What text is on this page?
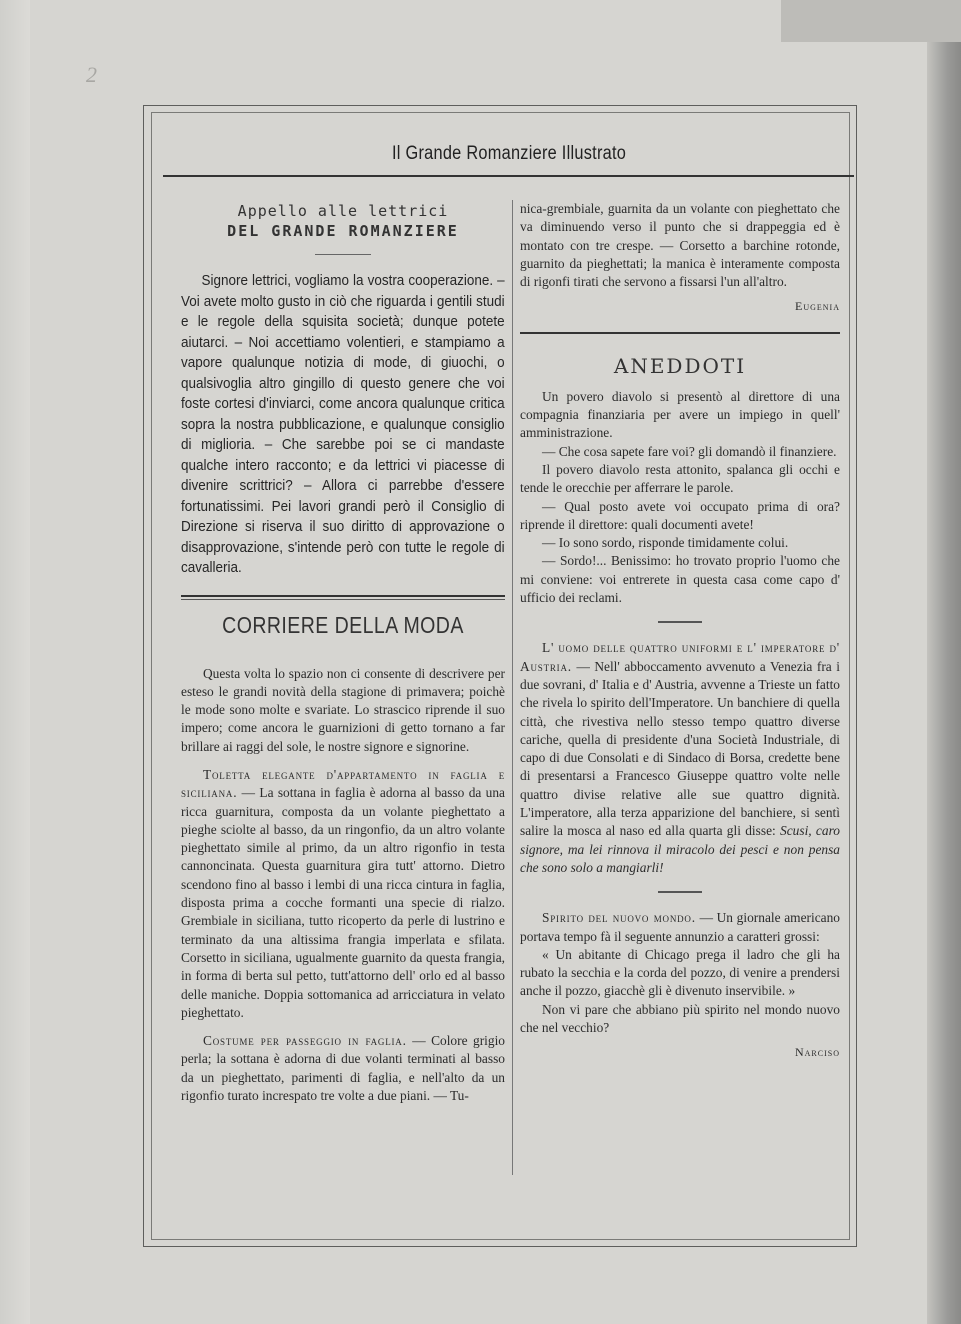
2
Il Grande Romanziere Illustrato
Appello alle lettrici
DEL GRANDE ROMANZIERE

Signore lettrici, vogliamo la vostra cooperazione. – Voi avete molto gusto in ciò che riguarda i gentili studi e le regole della squisita società; dunque potete aiutarci. – Noi accettiamo volentieri, e stampiamo a vapore qualunque notizia di mode, di giuochi, o qualsivoglia altro gingillo di questo genere che voi foste cortesi d'inviarci, come ancora qualunque critica sopra la nostra pubblicazione, e qualunque consiglio di miglioria. – Che sarebbe poi se ci mandaste qualche intero racconto; e da lettrici vi piacesse di divenire scrittrici? – Allora ci parrebbe d'essere fortunatissimi. Pei lavori grandi però il Consiglio di Direzione si riserva il suo diritto di approvazione o disapprovazione, s'intende però con tutte le regole di cavalleria.

CORRIERE DELLA MODA

Questa volta lo spazio non ci consente di descrivere per esteso le grandi novità della stagione di primavera; poichè le mode sono molte e svariate. Lo strascico riprende il suo impero; come ancora le guarnizioni di getto tornano a far brillare ai raggi del sole, le nostre signore e signorine.

Toletta elegante d'appartamento in faglia e siciliana. — La sottana in faglia è adorna al basso da una ricca guarnitura, composta da un volante pieghettato a pieghe sciolte al basso, da un ringonfio, da un altro volante pieghettato simile al primo, da un altro rigonfio in testa cannoncinata. Questa guarnitura gira tutt' attorno. Dietro scendono fino al basso i lembi di una ricca cintura in faglia, disposta prima a cocche formanti una specie di rialzo. Grembiale in siciliana, tutto ricoperto da perle di lustrino e terminato da una altissima frangia imperlata e sfilata. Corsetto in siciliana, ugualmente guarnito da questa frangia, in forma di berta sul petto, tutt'attorno dell' orlo ed al basso delle maniche. Doppia sottomanica ad arricciatura in velato pieghettato.

Costume per passeggio in faglia. — Colore grigio perla; la sottana è adorna di due volanti terminati al basso da un pieghettato, parimenti di faglia, e nell'alto da un rigonfio turato increspato tre volte a due piani. — Tu-

nica-grembiale, guarnita da un volante con pieghettato che va diminuendo verso il punto che si drappeggia ed è montato con tre crespe. — Corsetto a barchine rotonde, guarnito da pieghettati; la manica è interamente composta di rigonfi tirati che servono a fissarsi l'un all'altro.

Eugenia
ANEDDOTI

Un povero diavolo si presentò al direttore di una compagnia finanziaria per avere un impiego in quell' amministrazione.

— Che cosa sapete fare voi? gli domandò il finanziere.

Il povero diavolo resta attonito, spalanca gli occhi e tende le orecchie per afferrare le parole.

— Qual posto avete voi occupato prima di ora? riprende il direttore: quali documenti avete!

— Io sono sordo, risponde timidamente colui.

— Sordo!... Benissimo: ho trovato proprio l'uomo che mi conviene: voi entrerete in questa casa come capo d' ufficio dei reclami.

L' uomo delle quattro uniformi e l' imperatore d' Austria. — Nell' abboccamento avvenuto a Venezia fra i due sovrani, d' Italia e d' Austria, avvenne a Trieste un fatto che rivela lo spirito dell'Imperatore. Un banchiere di quella città, che rivestiva nello stesso tempo quattro diverse cariche, quella di presidente d'una Società Industriale, di capo di due Consolati e di Sindaco di Borsa, credette bene di presentarsi a Francesco Giuseppe quattro volte nelle quattro divise relative alle sue quattro dignità. L'imperatore, alla terza apparizione del banchiere, si sentì salire la mosca al naso ed alla quarta gli disse: Scusi, caro signore, ma lei rinnova il miracolo dei pesci e non pensa che sono solo a mangiarli!

Spirito del nuovo mondo. — Un giornale americano portava tempo fà il seguente annunzio a caratteri grossi:

« Un abitante di Chicago prega il ladro che gli ha rubato la secchia e la corda del pozzo, di venire a prendersi anche il pozzo, giacchè gli è divenuto inservibile. »

Non vi pare che abbiano più spirito nel mondo nuovo che nel vecchio?

Narciso
